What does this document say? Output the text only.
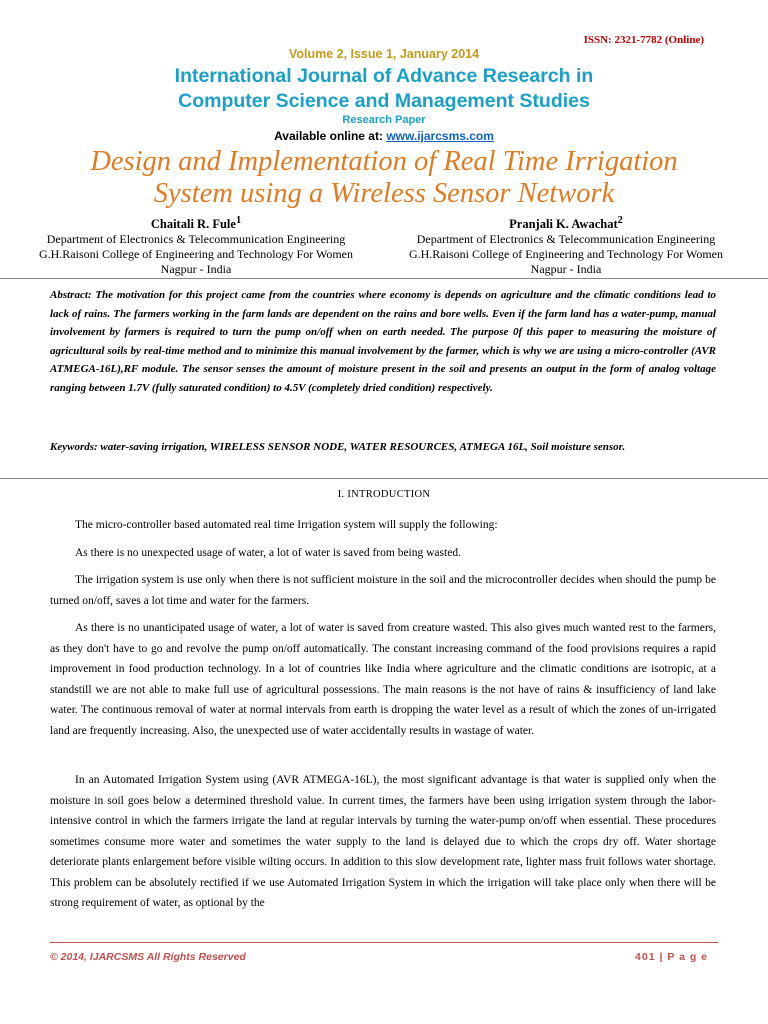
ISSN: 2321-7782 (Online)
Volume 2, Issue 1, January 2014
International Journal of Advance Research in
Computer Science and Management Studies
Research Paper
Available online at: www.ijarcsms.com
Design and Implementation of Real Time Irrigation
System using a Wireless Sensor Network
Chaitali R. Fule$^1$
Department of Electronics & Telecommunication Engineering
G.H.Raisoni College of Engineering and Technology For Women
Nagpur - India
Pranjali K. Awachat$^2$
Department of Electronics & Telecommunication Engineering
G.H.Raisoni College of Engineering and Technology For Women
Nagpur - India
Abstract: The motivation for this project came from the countries where economy is depends on agriculture and the climatic conditions lead to lack of rains. The farmers working in the farm lands are dependent on the rains and bore wells. Even if the farm land has a water-pump, manual involvement by farmers is required to turn the pump on/off when on earth needed. The purpose 0f this paper to measuring the moisture of agricultural soils by real-time method and to minimize this manual involvement by the farmer, which is why we are using a micro-controller (AVR ATMEGA-16L),RF module. The sensor senses the amount of moisture present in the soil and presents an output in the form of analog voltage ranging between 1.7V (fully saturated condition) to 4.5V (completely dried condition) respectively.
Keywords: water-saving irrigation, WIRELESS SENSOR NODE, WATER RESOURCES, ATMEGA 16L, Soil moisture sensor.
I. INTRODUCTION

The micro-controller based automated real time Irrigation system will supply the following:

As there is no unexpected usage of water, a lot of water is saved from being wasted.

The irrigation system is use only when there is not sufficient moisture in the soil and the microcontroller decides when should the pump be turned on/off, saves a lot time and water for the farmers.

As there is no unanticipated usage of water, a lot of water is saved from creature wasted. This also gives much wanted rest to the farmers, as they don't have to go and revolve the pump on/off automatically. The constant increasing command of the food provisions requires a rapid improvement in food production technology. In a lot of countries like India where agriculture and the climatic conditions are isotropic, at a standstill we are not able to make full use of agricultural possessions. The main reasons is the not have of rains & insufficiency of land lake water. The continuous removal of water at normal intervals from earth is dropping the water level as a result of which the zones of un-irrigated land are frequently increasing. Also, the unexpected use of water accidentally results in wastage of water.

In an Automated Irrigation System using (AVR ATMEGA-16L), the most significant advantage is that water is supplied only when the moisture in soil goes below a determined threshold value. In current times, the farmers have been using irrigation system through the labor-intensive control in which the farmers irrigate the land at regular intervals by turning the water-pump on/off when essential. These procedures sometimes consume more water and sometimes the water supply to the land is delayed due to which the crops dry off. Water shortage deteriorate plants enlargement before visible wilting occurs. In addition to this slow development rate, lighter mass fruit follows water shortage. This problem can be absolutely rectified if we use Automated Irrigation System in which the irrigation will take place only when there will be strong requirement of water, as optional by the

© 2014, IJARCSMS All Rights Reserved	401 | P a g e
